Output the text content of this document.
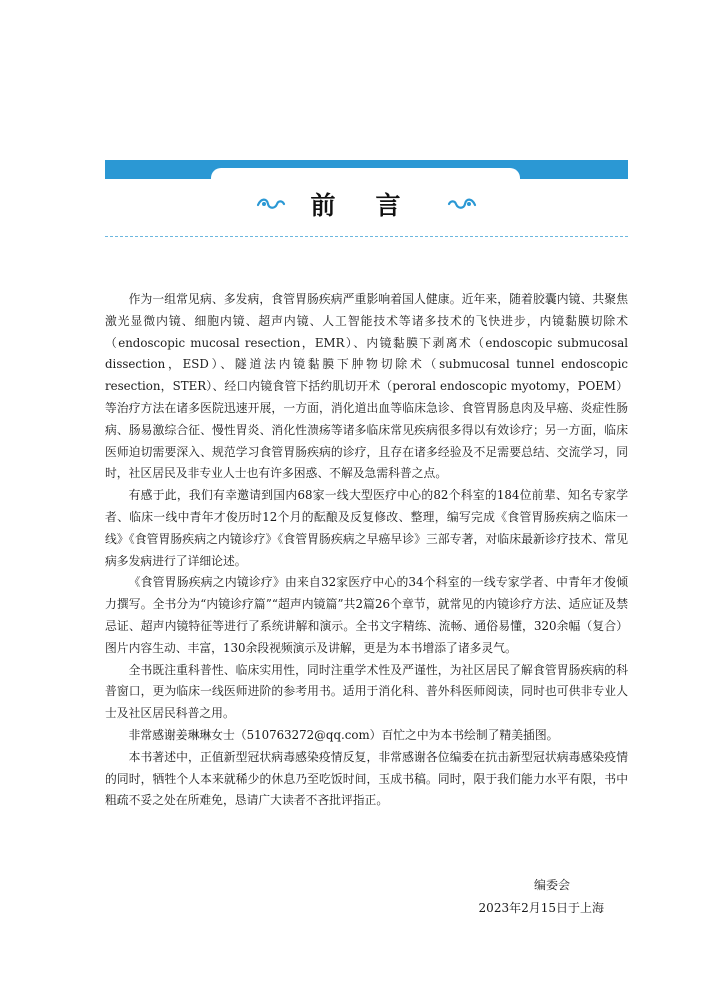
前言

作为一组常见病、多发病，食管胃肠疾病严重影响着国人健康。近年来，随着胶囊内镜、共聚焦激光显微内镜、细胞内镜、超声内镜、人工智能技术等诸多技术的飞快进步，内镜黏膜切除术（endoscopic mucosal resection，EMR）、内镜黏膜下剥离术（endoscopic submucosal dissection，ESD）、隧道法内镜黏膜下肿物切除术（submucosal tunnel endoscopic resection，STER）、经口内镜食管下括约肌切开术（peroral endoscopic myotomy，POEM）等治疗方法在诸多医院迅速开展，一方面，消化道出血等临床急诊、食管胃肠息肉及早癌、炎症性肠病、肠易激综合征、慢性胃炎、消化性溃疡等诸多临床常见疾病很多得以有效诊疗；另一方面，临床医师迫切需要深入、规范学习食管胃肠疾病的诊疗，且存在诸多经验及不足需要总结、交流学习，同时，社区居民及非专业人士也有许多困惑、不解及急需科普之点。

有感于此，我们有幸邀请到国内68家一线大型医疗中心的82个科室的184位前辈、知名专家学者、临床一线中青年才俊历时12个月的酝酿及反复修改、整理，编写完成《食管胃肠疾病之临床一线》《食管胃肠疾病之内镜诊疗》《食管胃肠疾病之早癌早诊》三部专著，对临床最新诊疗技术、常见病多发病进行了详细论述。

《食管胃肠疾病之内镜诊疗》由来自32家医疗中心的34个科室的一线专家学者、中青年才俊倾力撰写。全书分为“内镜诊疗篇”“超声内镜篇”共2篇26个章节，就常见的内镜诊疗方法、适应证及禁忌证、超声内镜特征等进行了系统讲解和演示。全书文字精练、流畅、通俗易懂，320余幅（复合）图片内容生动、丰富，130余段视频演示及讲解，更是为本书增添了诸多灵气。

全书既注重科普性、临床实用性，同时注重学术性及严谨性，为社区居民了解食管胃肠疾病的科普窗口，更为临床一线医师进阶的参考用书。适用于消化科、普外科医师阅读，同时也可供非专业人士及社区居民科普之用。

非常感谢姜琳琳女士（510763272@qq.com）百忙之中为本书绘制了精美插图。

本书著述中，正值新型冠状病毒感染疫情反复，非常感谢各位编委在抗击新型冠状病毒感染疫情的同时，牺牲个人本来就稀少的休息乃至吃饭时间，玉成书稿。同时，限于我们能力水平有限，书中粗疏不妥之处在所难免，恳请广大读者不吝批评指正。

编委会
2023年2月15日于上海
